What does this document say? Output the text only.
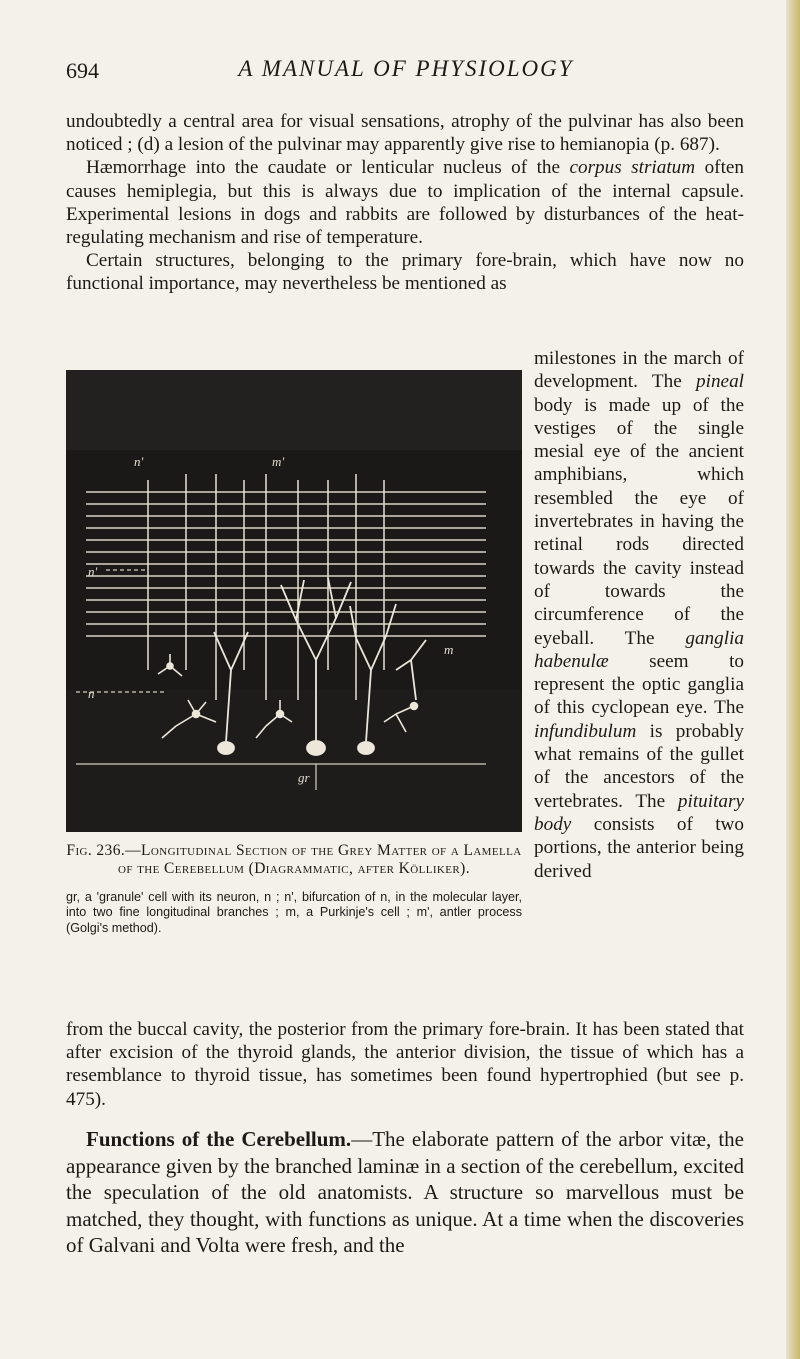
694	A MANUAL OF PHYSIOLOGY

undoubtedly a central area for visual sensations, atrophy of the pulvinar has also been noticed ; (d) a lesion of the pulvinar may apparently give rise to hemianopia (p. 687).

Hæmorrhage into the caudate or lenticular nucleus of the corpus striatum often causes hemiplegia, but this is always due to implication of the internal capsule. Experimental lesions in dogs and rabbits are followed by disturbances of the heat-regulating mechanism and rise of temperature.

Certain structures, belonging to the primary fore-brain, which have now no functional importance, may nevertheless be mentioned as

n'	m'
n'
m
n
gr
Fig. 236.—Longitudinal Section of the Grey Matter of a Lamella of the Cerebellum (Diagrammatic, after Kölliker).
gr, a 'granule' cell with its neuron, n ; n', bifurcation of n, in the molecular layer, into two fine longitudinal branches ; m, a Purkinje's cell ; m', antler process (Golgi's method).
milestones in the march of development. The pineal body is made up of the vestiges of the single mesial eye of the ancient amphibians, which resembled the eye of invertebrates in having the retinal rods directed towards the cavity instead of towards the circumference of the eyeball. The ganglia habenulæ seem to represent the optic ganglia of this cyclopean eye. The infundibulum is probably what remains of the gullet of the ancestors of the vertebrates. The pituitary body consists of two portions, the anterior being derived

from the buccal cavity, the posterior from the primary fore-brain. It has been stated that after excision of the thyroid glands, the anterior division, the tissue of which has a resemblance to thyroid tissue, has sometimes been found hypertrophied (but see p. 475).

Functions of the Cerebellum.—The elaborate pattern of the arbor vitæ, the appearance given by the branched laminæ in a section of the cerebellum, excited the speculation of the old anatomists. A structure so marvellous must be matched, they thought, with functions as unique. At a time when the discoveries of Galvani and Volta were fresh, and the
